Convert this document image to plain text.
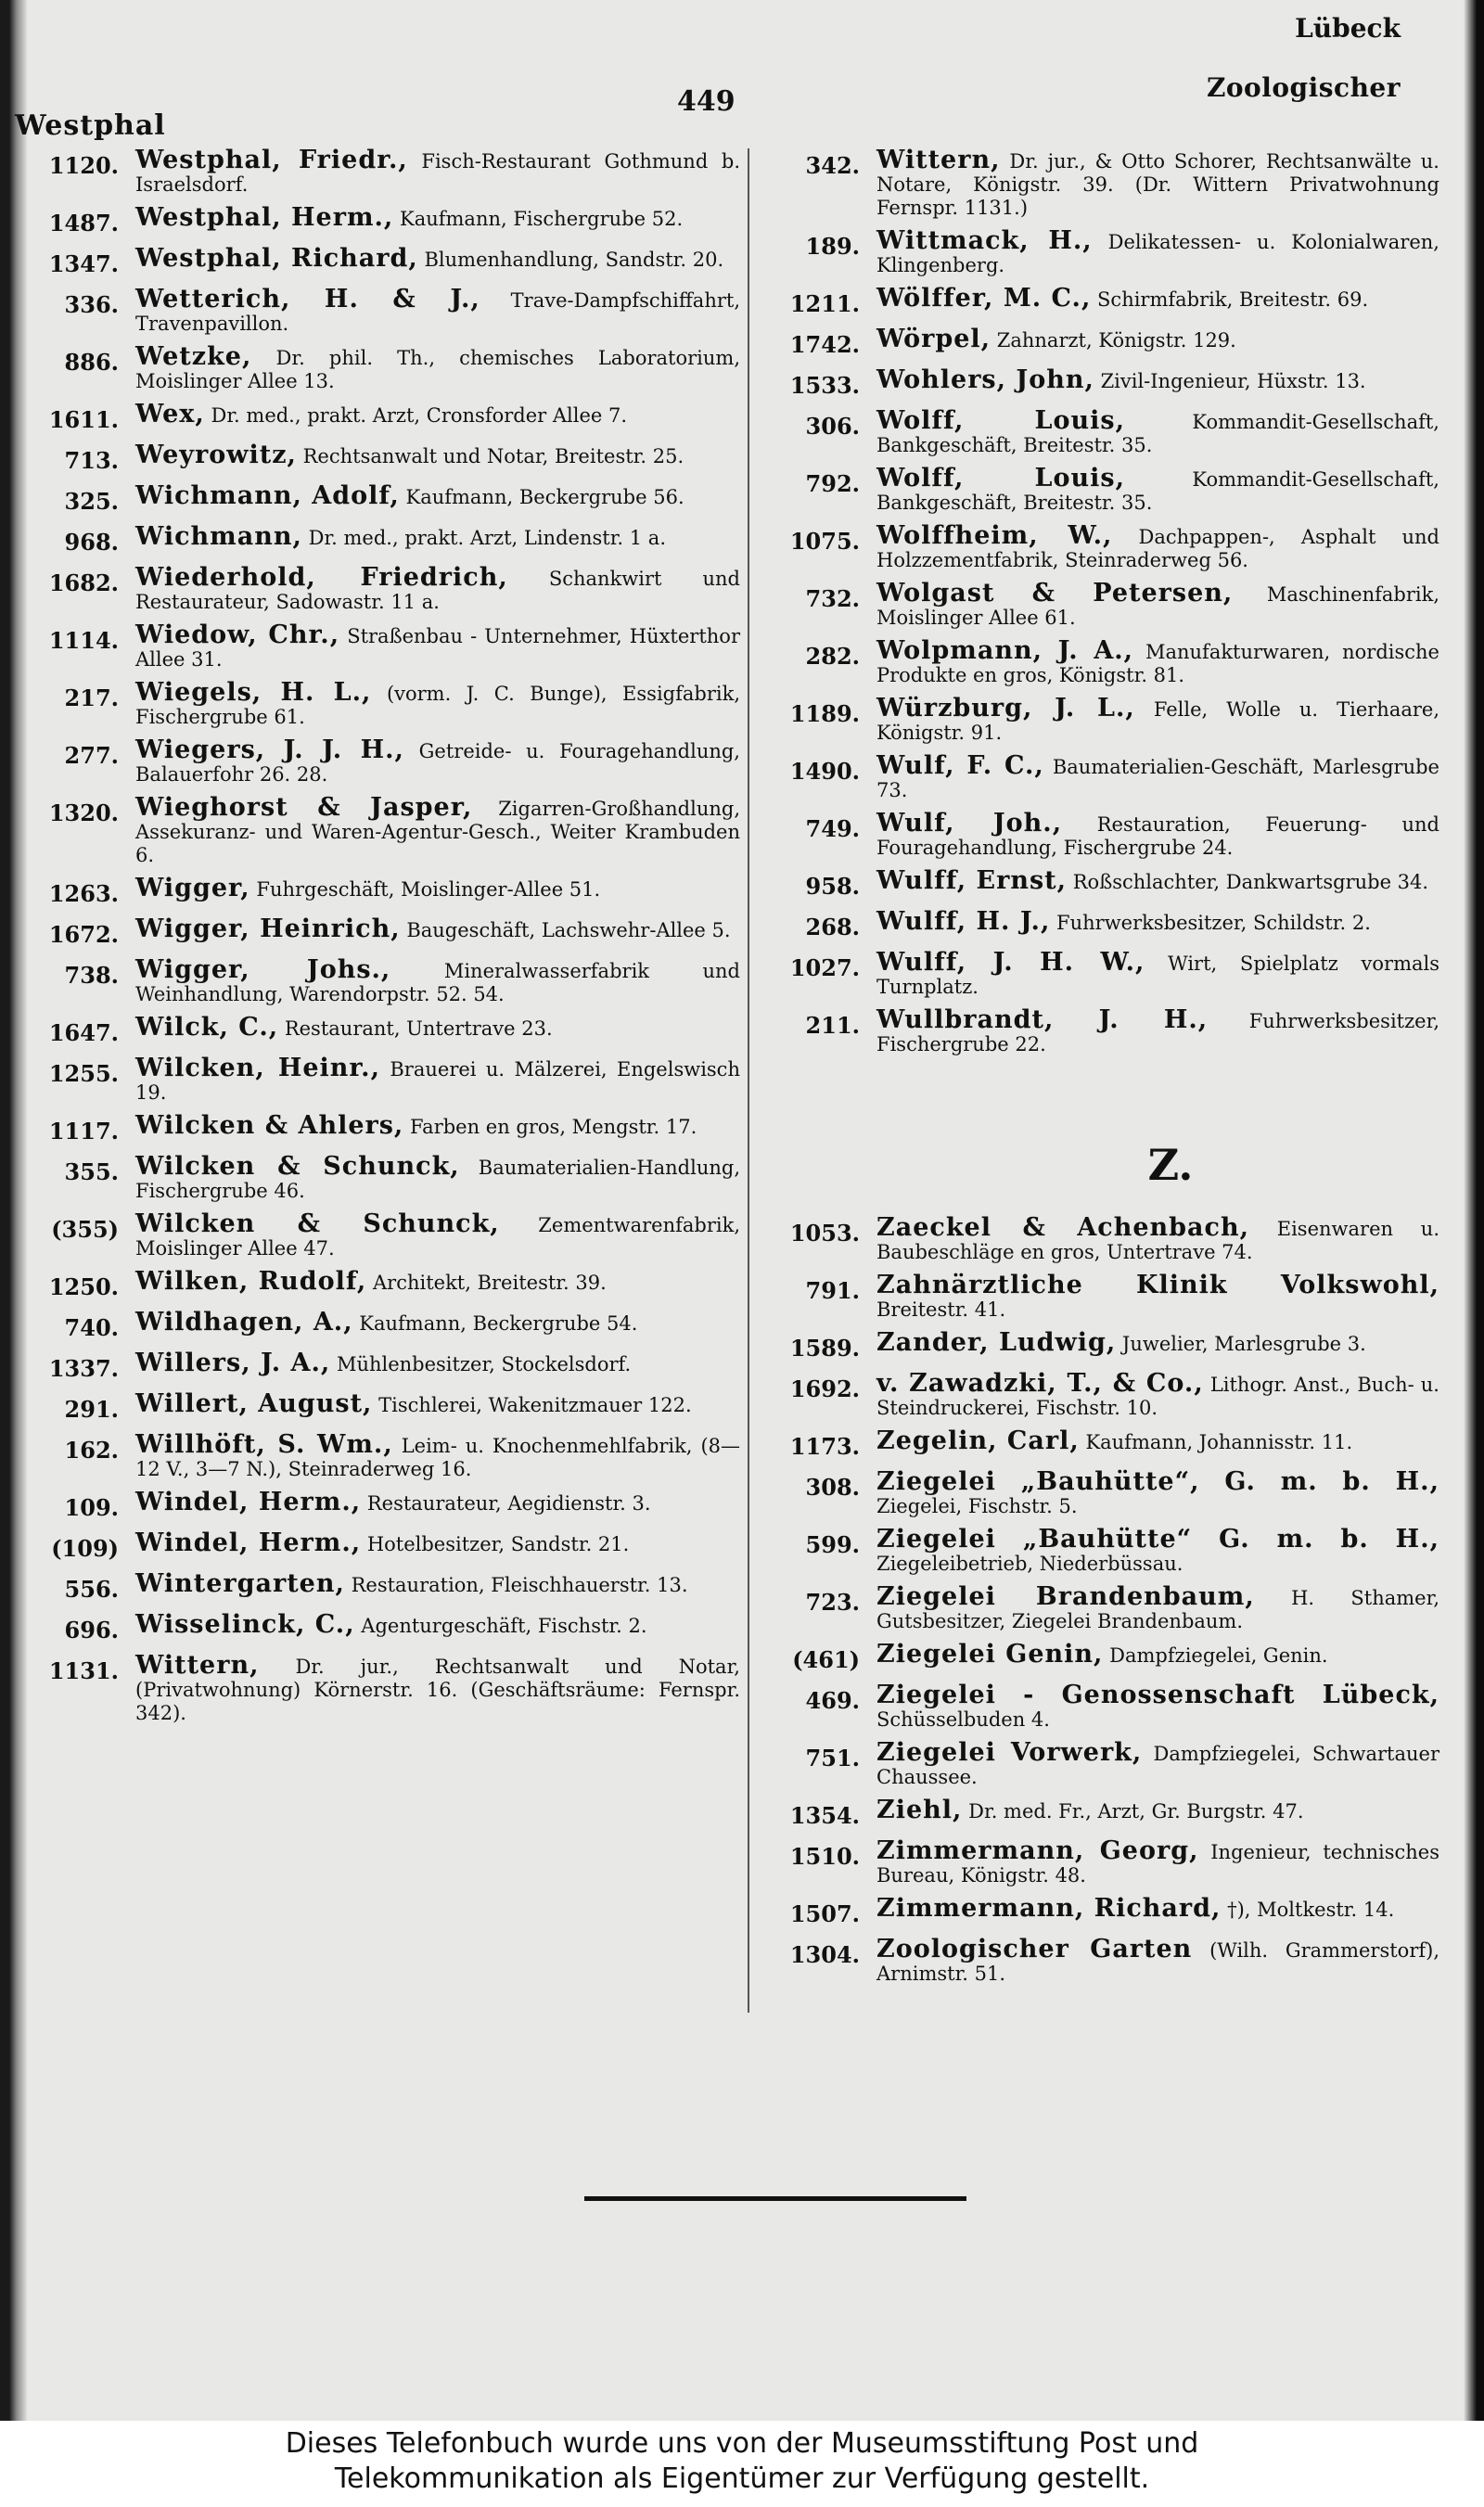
Westphal
449
Lübeck
Zoologischer
1120. Westphal, Friedr., Fisch-Restaurant Gothmund b. Israelsdorf.
1487. Westphal, Herm., Kaufmann, Fischergrube 52.
1347. Westphal, Richard, Blumenhandlung, Sandstr. 20.
336. Wetterich, H. & J., Trave-Dampfschiffahrt, Travenpavillon.
886. Wetzke, Dr. phil. Th., chemisches Laboratorium, Moislinger Allee 13.
1611. Wex, Dr. med., prakt. Arzt, Cronsforder Allee 7.
713. Weyrowitz, Rechtsanwalt und Notar, Breitestr. 25.
325. Wichmann, Adolf, Kaufmann, Beckergrube 56.
968. Wichmann, Dr. med., prakt. Arzt, Lindenstr. 1 a.
1682. Wiederhold, Friedrich, Schankwirt und Restaurateur, Sadowastr. 11 a.
1114. Wiedow, Chr., Straßenbau - Unternehmer, Hüxterthor Allee 31.
217. Wiegels, H. L., (vorm. J. C. Bunge), Essigfabrik, Fischergrube 61.
277. Wiegers, J. J. H., Getreide- u. Fouragehandlung, Balauerfohr 26. 28.
1320. Wieghorst & Jasper, Zigarren-Großhandlung, Assekuranz- und Waren-Agentur-Gesch., Weiter Krambuden 6.
1263. Wigger, Fuhrgeschäft, Moislinger-Allee 51.
1672. Wigger, Heinrich, Baugeschäft, Lachswehr-Allee 5.
738. Wigger, Johs.,	Mineralwasserfabrik und Weinhandlung, Warendorpstr. 52. 54.
1647. Wilck, C., Restaurant, Untertrave 23.
1255. Wilcken, Heinr., Brauerei u. Mälzerei, Engelswisch 19.
1117. Wilcken & Ahlers, Farben en gros, Mengstr. 17.
355. Wilcken & Schunck, Baumaterialien-Handlung, Fischergrube 46.
(355) Wilcken & Schunck, Zementwarenfabrik, Moislinger Allee 47.
1250. Wilken, Rudolf, Architekt, Breitestr. 39.
740. Wildhagen, A., Kaufmann, Beckergrube 54.
1337. Willers, J. A., Mühlenbesitzer, Stockelsdorf.
291. Willert, August, Tischlerei, Wakenitzmauer 122.
162. Willhöft, S. Wm., Leim- u. Knochenmehlfabrik, (8—12 V., 3—7 N.), Steinraderweg 16.
109. Windel, Herm., Restaurateur, Aegidienstr. 3.
(109) Windel, Herm., Hotelbesitzer, Sandstr. 21.
556. Wintergarten, Restauration, Fleischhauerstr. 13.
696. Wisselinck, C., Agenturgeschäft, Fischstr. 2.
1131. Wittern, Dr. jur., Rechtsanwalt und Notar, (Privatwohnung) Körnerstr. 16. (Geschäftsräume: Fernspr. 342).
342. Wittern, Dr. jur., & Otto Schorer, Rechtsanwälte u. Notare, Königstr. 39. (Dr. Wittern Privatwohnung Fernspr. 1131.)
189. Wittmack, H., Delikatessen- u. Kolonialwaren, Klingenberg.
1211. Wölffer, M. C., Schirmfabrik, Breitestr. 69.
1742. Wörpel, Zahnarzt, Königstr. 129.
1533. Wohlers, John, Zivil-Ingenieur, Hüxstr. 13.
306. Wolff, Louis,	Kommandit-Gesellschaft, Bankgeschäft, Breitestr. 35.
792. Wolff, Louis,	Kommandit-Gesellschaft, Bankgeschäft, Breitestr. 35.
1075. Wolffheim, W., Dachpappen-, Asphalt und Holzzementfabrik, Steinraderweg 56.
732. Wolgast & Petersen, Maschinenfabrik, Moislinger Allee 61.
282. Wolpmann, J. A., Manufakturwaren, nordische Produkte en gros, Königstr. 81.
1189. Würzburg, J. L., Felle, Wolle u. Tierhaare, Königstr. 91.
1490. Wulf, F. C., Baumaterialien-Geschäft, Marlesgrube 73.
749. Wulf, Joh., Restauration, Feuerung- und Fouragehandlung, Fischergrube 24.
958. Wulff, Ernst, Roßschlachter, Dankwartsgrube 34.
268. Wulff, H. J., Fuhrwerksbesitzer, Schildstr. 2.
1027. Wulff, J. H. W., Wirt, Spielplatz vormals Turnplatz.
211. Wullbrandt, J. H., Fuhrwerksbesitzer, Fischergrube 22.
Z.
1053. Zaeckel & Achenbach, Eisenwaren u. Baubeschläge en gros, Untertrave 74.
791. Zahnärztliche Klinik Volkswohl, Breitestr. 41.
1589. Zander, Ludwig, Juwelier, Marlesgrube 3.
1692. v. Zawadzki, T., & Co., Lithogr. Anst., Buch- u. Steindruckerei, Fischstr. 10.
1173. Zegelin, Carl, Kaufmann, Johannisstr. 11.
308. Ziegelei „Bauhütte“, G. m. b. H., Ziegelei, Fischstr. 5.
599. Ziegelei „Bauhütte“ G. m. b. H., Ziegeleibetrieb, Niederbüssau.
723. Ziegelei Brandenbaum, H. Sthamer, Gutsbesitzer, Ziegelei Brandenbaum.
(461) Ziegelei Genin, Dampfziegelei, Genin.
469. Ziegelei - Genossenschaft Lübeck, Schüsselbuden 4.
751. Ziegelei Vorwerk, Dampfziegelei, Schwartauer Chaussee.
1354. Ziehl, Dr. med. Fr., Arzt, Gr. Burgstr. 47.
1510. Zimmermann, Georg, Ingenieur, technisches Bureau, Königstr. 48.
1507. Zimmermann, Richard, †), Moltkestr. 14.
1304. Zoologischer Garten (Wilh. Grammerstorf), Arnimstr. 51.
Dieses Telefonbuch wurde uns von der Museumsstiftung Post und
Telekommunikation als Eigentümer zur Verfügung gestellt.
